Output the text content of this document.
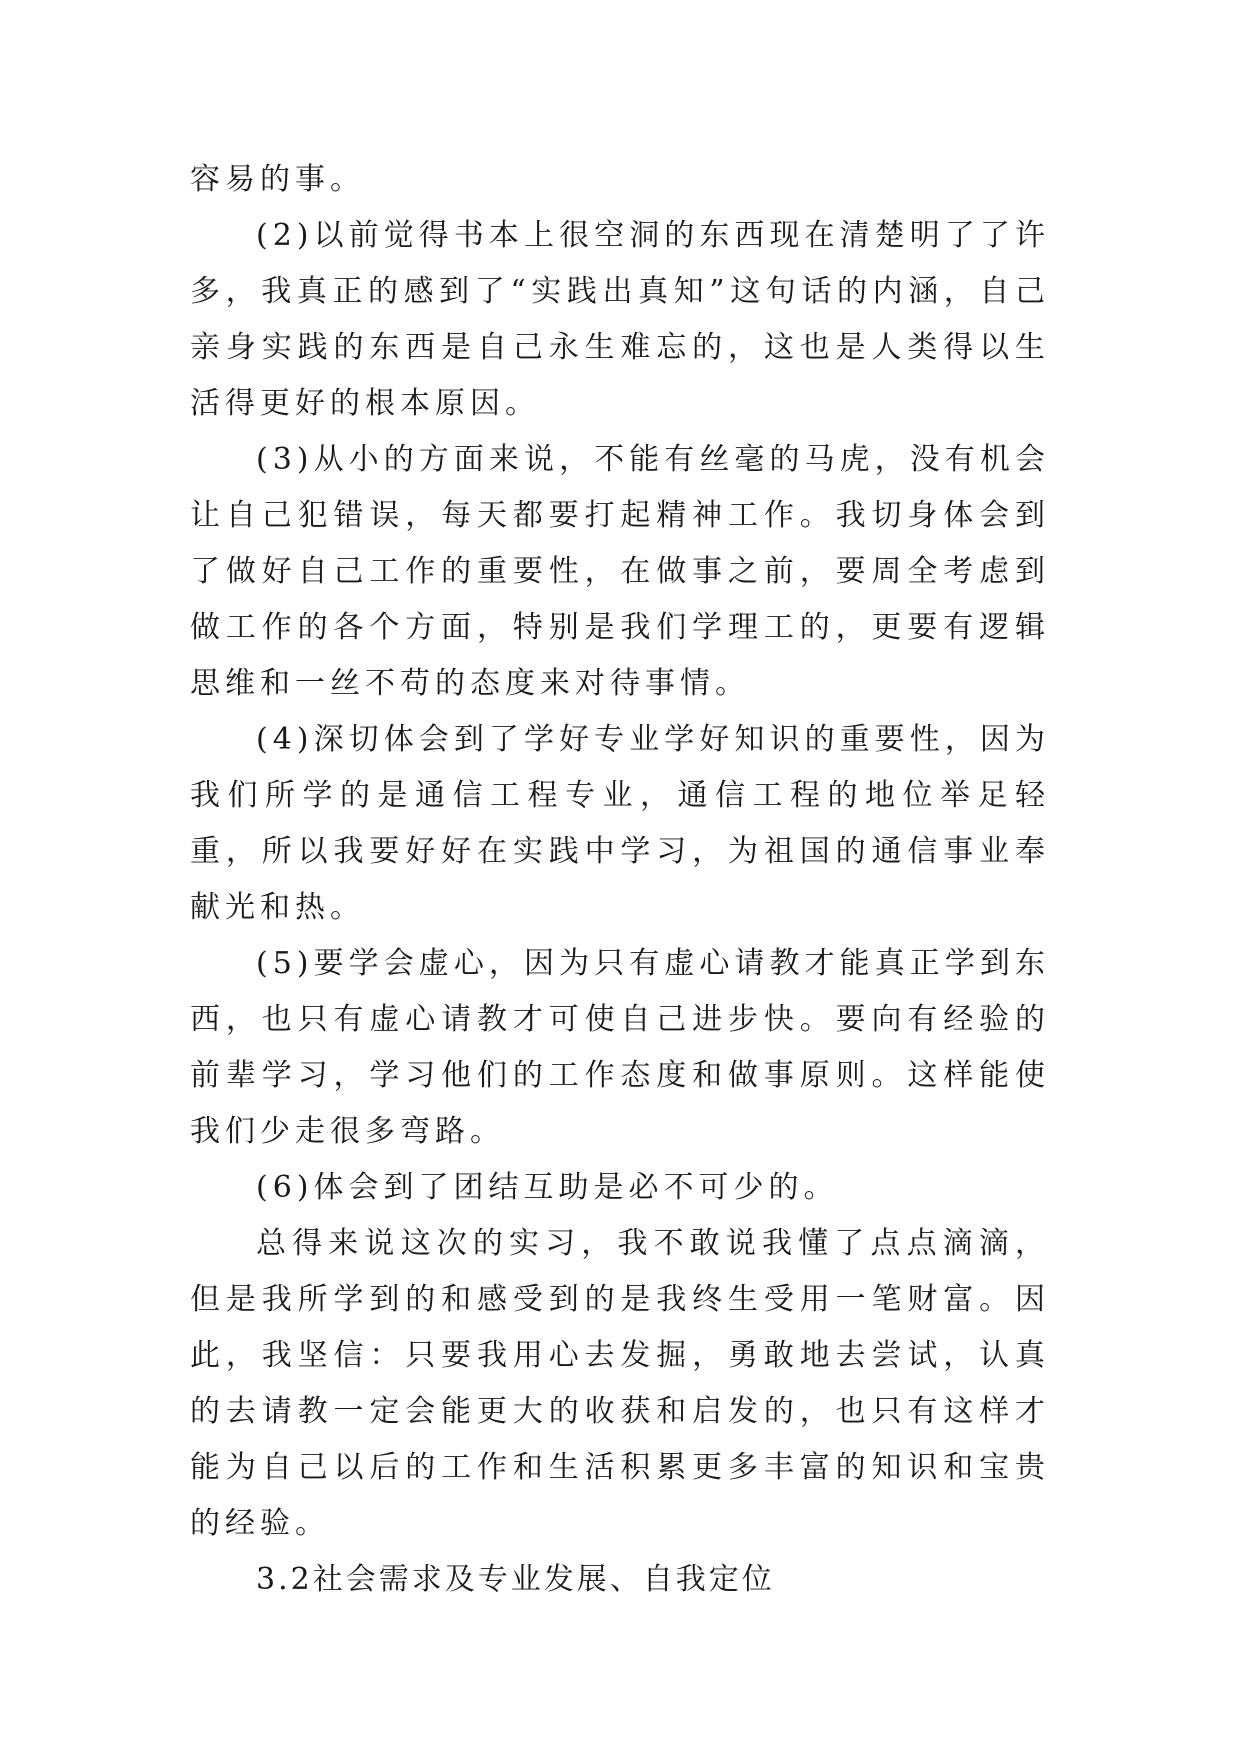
容易的事。

(2)以前觉得书本上很空洞的东西现在清楚明了了许多，我真正的感到了“实践出真知”这句话的内涵，自己亲身实践的东西是自己永生难忘的，这也是人类得以生活得更好的根本原因。

(3)从小的方面来说，不能有丝毫的马虎，没有机会让自己犯错误，每天都要打起精神工作。我切身体会到了做好自己工作的重要性，在做事之前，要周全考虑到做工作的各个方面，特别是我们学理工的，更要有逻辑思维和一丝不苟的态度来对待事情。

(4)深切体会到了学好专业学好知识的重要性，因为我们所学的是通信工程专业，通信工程的地位举足轻重，所以我要好好在实践中学习，为祖国的通信事业奉献光和热。

(5)要学会虚心，因为只有虚心请教才能真正学到东西，也只有虚心请教才可使自己进步快。要向有经验的前辈学习，学习他们的工作态度和做事原则。这样能使我们少走很多弯路。

(6)体会到了团结互助是必不可少的。

总得来说这次的实习，我不敢说我懂了点点滴滴，但是我所学到的和感受到的是我终生受用一笔财富。因此，我坚信：只要我用心去发掘，勇敢地去尝试，认真的去请教一定会能更大的收获和启发的，也只有这样才能为自己以后的工作和生活积累更多丰富的知识和宝贵的经验。

3.2社会需求及专业发展、自我定位
